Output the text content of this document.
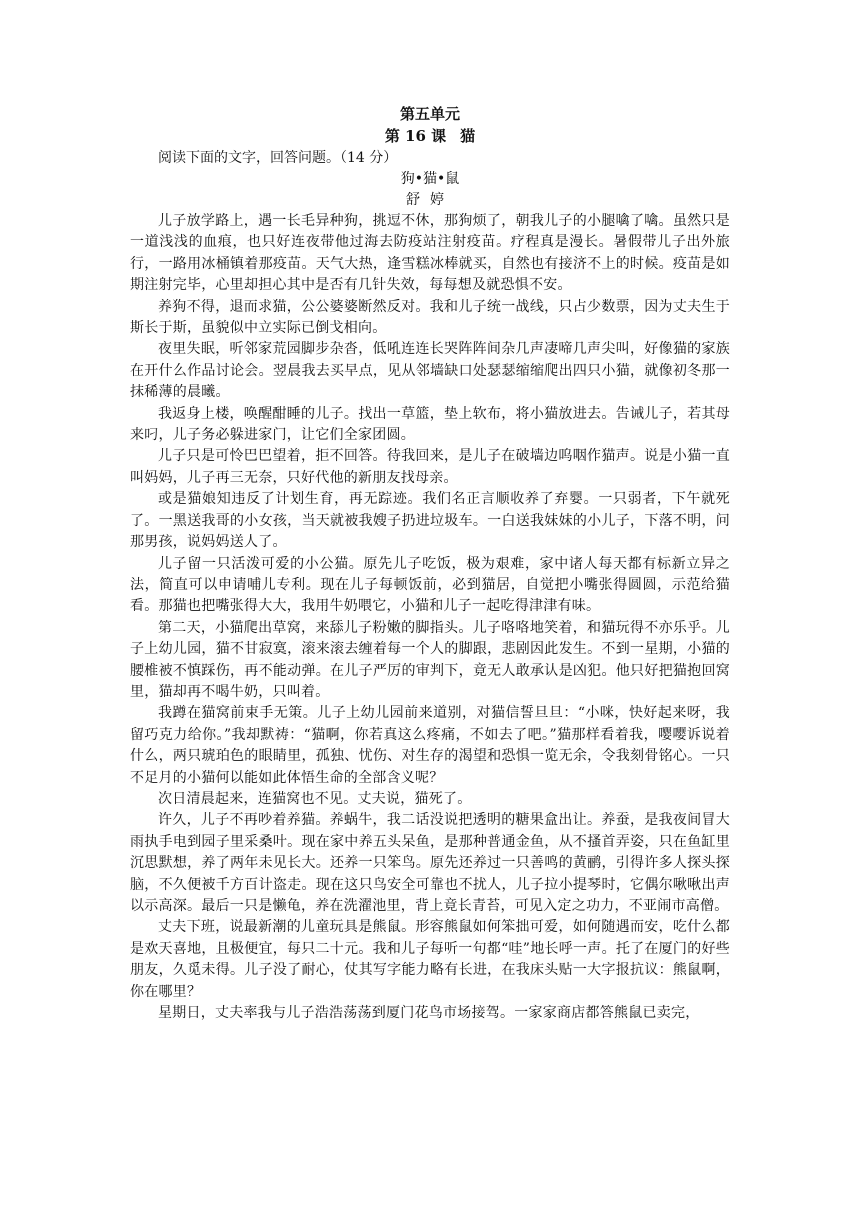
第五单元

第 16 课 猫

阅读下面的文字，回答问题。（14 分）

狗•猫•鼠

舒婷

儿子放学路上，遇一长毛异种狗，挑逗不休，那狗烦了，朝我儿子的小腿噙了噙。虽然只是一道浅浅的血痕，也只好连夜带他过海去防疫站注射疫苗。疗程真是漫长。暑假带儿子出外旅行，一路用冰桶镇着那疫苗。天气大热，逢雪糕冰棒就买，自然也有接济不上的时候。疫苗是如期注射完毕，心里却担心其中是否有几针失效，每每想及就恐惧不安。

养狗不得，退而求猫，公公婆婆断然反对。我和儿子统一战线，只占少数票，因为丈夫生于斯长于斯，虽貌似中立实际已倒戈相向。

夜里失眠，听邻家荒园脚步杂沓，低吼连连长哭阵阵间杂几声凄啼几声尖叫，好像猫的家族在开什么作品讨论会。翌晨我去买早点，见从邻墙缺口处瑟瑟缩缩爬出四只小猫，就像初冬那一抹稀薄的晨曦。

我返身上楼，唤醒酣睡的儿子。找出一草篮，垫上软布，将小猫放进去。告诫儿子，若其母来叼，儿子务必躲进家门，让它们全家团圆。

儿子只是可怜巴巴望着，拒不回答。待我回来，是儿子在破墙边呜咽作猫声。说是小猫一直叫妈妈，儿子再三无奈，只好代他的新朋友找母亲。

或是猫娘知违反了计划生育，再无踪迹。我们名正言顺收养了弃婴。一只弱者，下午就死了。一黑送我哥的小女孩，当天就被我嫂子扔进垃圾车。一白送我妹妹的小儿子，下落不明，问那男孩，说妈妈送人了。

儿子留一只活泼可爱的小公猫。原先儿子吃饭，极为艰难，家中诸人每天都有标新立异之法，简直可以申请哺儿专利。现在儿子每顿饭前，必到猫居，自觉把小嘴张得圆圆，示范给猫看。那猫也把嘴张得大大，我用牛奶喂它，小猫和儿子一起吃得津津有味。

第二天，小猫爬出草窝，来舔儿子粉嫩的脚指头。儿子咯咯地笑着，和猫玩得不亦乐乎。儿子上幼儿园，猫不甘寂寞，滚来滚去缠着每一个人的脚跟，悲剧因此发生。不到一星期，小猫的腰椎被不慎踩伤，再不能动弹。在儿子严厉的审判下，竟无人敢承认是凶犯。他只好把猫抱回窝里，猫却再不喝牛奶，只叫着。

我蹲在猫窝前束手无策。儿子上幼儿园前来道别，对猫信誓旦旦：“小咪，快好起来呀，我留巧克力给你。”我却默祷：“猫啊，你若真这么疼痛，不如去了吧。”猫那样看着我，嘤嘤诉说着什么，两只琥珀色的眼睛里，孤独、忧伤、对生存的渴望和恐惧一览无余，令我刻骨铭心。一只不足月的小猫何以能如此体悟生命的全部含义呢？

次日清晨起来，连猫窝也不见。丈夫说，猫死了。

许久，儿子不再吵着养猫。养蜗牛，我二话没说把透明的糖果盒出让。养蚕，是我夜间冒大雨执手电到园子里采桑叶。现在家中养五头呆鱼，是那种普通金鱼，从不搔首弄姿，只在鱼缸里沉思默想，养了两年未见长大。还养一只笨鸟。原先还养过一只善鸣的黄鹂，引得许多人探头探脑，不久便被千方百计盗走。现在这只鸟安全可靠也不扰人，儿子拉小提琴时，它偶尔啾啾出声以示高深。最后一只是懒龟，养在洗濯池里，背上竟长青苔，可见入定之功力，不亚闹市高僧。

丈夫下班，说最新潮的儿童玩具是熊鼠。形容熊鼠如何笨拙可爱，如何随遇而安，吃什么都是欢天喜地，且极便宜，每只二十元。我和儿子每听一句都“哇”地长呼一声。托了在厦门的好些朋友，久觅未得。儿子没了耐心，仗其写字能力略有长进，在我床头贴一大字报抗议：熊鼠啊，你在哪里？

星期日，丈夫率我与儿子浩浩荡荡到厦门花鸟市场接驾。一家家商店都答熊鼠已卖完，
